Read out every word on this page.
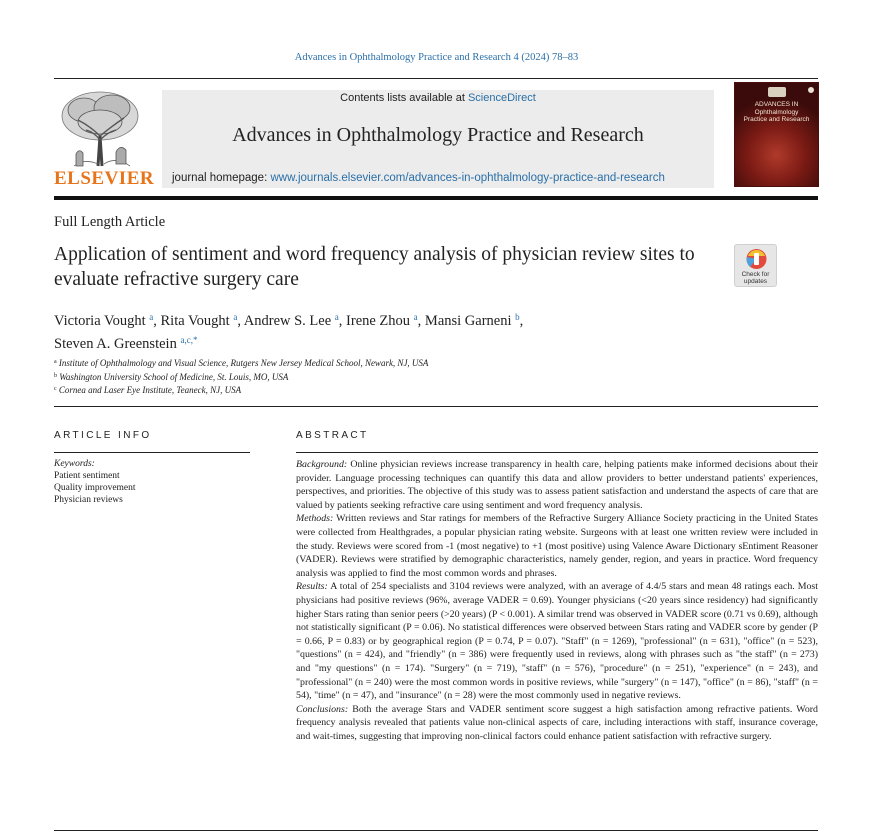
Advances in Ophthalmology Practice and Research 4 (2024) 78–83
ELSEVIER
Contents lists available at ScienceDirect
Advances in Ophthalmology Practice and Research
journal homepage: www.journals.elsevier.com/advances-in-ophthalmology-practice-and-research
ADVANCES IN
Ophthalmology
Practice and Research
Full Length Article
Application of sentiment and word frequency analysis of physician review sites to evaluate refractive surgery care	Check for
updates
Victoria Vought $^a$, Rita Vought $^a$, Andrew S. Lee $^a$, Irene Zhou $^a$, Mansi Garneni $^b$,
Steven A. Greenstein $^{a,c,*}$
$^a$ Institute of Ophthalmology and Visual Science, Rutgers New Jersey Medical School, Newark, NJ, USA
$^b$ Washington University School of Medicine, St. Louis, MO, USA
$^c$ Cornea and Laser Eye Institute, Teaneck, NJ, USA
ARTICLE INFO	ABSTRACT
Keywords:
Patient sentiment
Quality improvement
Physician reviews

Background: Online physician reviews increase transparency in health care, helping patients make informed decisions about their provider. Language processing techniques can quantify this data and allow providers to better understand patients' experiences, perspectives, and priorities. The objective of this study was to assess patient satisfaction and understand the aspects of care that are valued by patients seeking refractive care using sentiment and word frequency analysis.

Methods: Written reviews and Star ratings for members of the Refractive Surgery Alliance Society practicing in the United States were collected from Healthgrades, a popular physician rating website. Surgeons with at least one written review were included in the study. Reviews were scored from -1 (most negative) to +1 (most positive) using Valence Aware Dictionary sEntiment Reasoner (VADER). Reviews were stratified by demographic characteristics, namely gender, region, and years in practice. Word frequency analysis was applied to find the most common words and phrases.

Results: A total of 254 specialists and 3104 reviews were analyzed, with an average of 4.4/5 stars and mean 48 ratings each. Most physicians had positive reviews (96%, average VADER = 0.69). Younger physicians (<20 years since residency) had significantly higher Stars rating than senior peers (>20 years) (P < 0.001). A similar trend was observed in VADER score (0.71 vs 0.69), although not statistically significant (P = 0.06). No statistical differences were observed between Stars rating and VADER score by gender (P = 0.66, P = 0.83) or by geographical region (P = 0.74, P = 0.07). "Staff" (n = 1269), "professional" (n = 631), "office" (n = 523), "questions" (n = 424), and "friendly" (n = 386) were frequently used in reviews, along with phrases such as "the staff" (n = 273) and "my questions" (n = 174). "Surgery" (n = 719), "staff" (n = 576), "procedure" (n = 251), "experience" (n = 243), and "professional" (n = 240) were the most common words in positive reviews, while "surgery" (n = 147), "office" (n = 86), "staff" (n = 54), "time" (n = 47), and "insurance" (n = 28) were the most commonly used in negative reviews.

Conclusions: Both the average Stars and VADER sentiment score suggest a high satisfaction among refractive patients. Word frequency analysis revealed that patients value non-clinical aspects of care, including interactions with staff, insurance coverage, and wait-times, suggesting that improving non-clinical factors could enhance patient satisfaction with refractive surgery.
